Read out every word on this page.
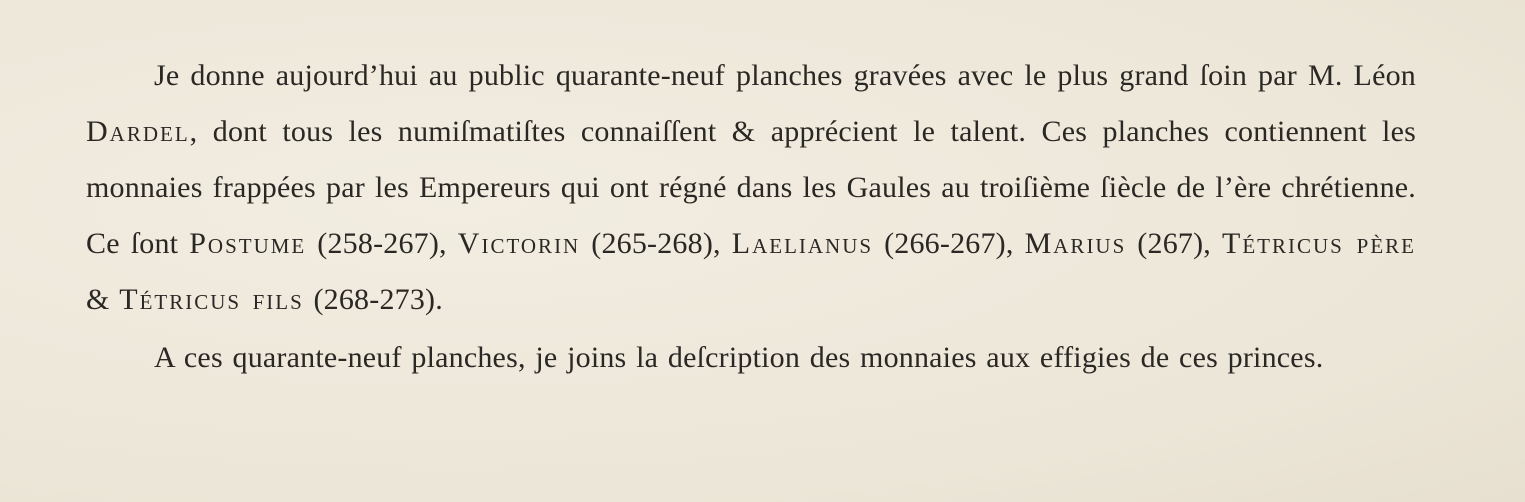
Je donne aujourd’hui au public quarante-neuf planches gravées avec le plus grand ſoin par M. Léon Dardel, dont tous les numiſmatiſtes connaiſſent & apprécient le talent. Ces planches contiennent les monnaies frappées par les Empereurs qui ont régné dans les Gaules au troiſième ſiècle de l’ère chrétienne. Ce ſont Postume (258-267), Victorin (265-268), Laelianus (266-267), Marius (267), Tétricus père & Tétricus fils (268-273).

A ces quarante-neuf planches, je joins la deſcription des monnaies aux effigies de ces princes.
